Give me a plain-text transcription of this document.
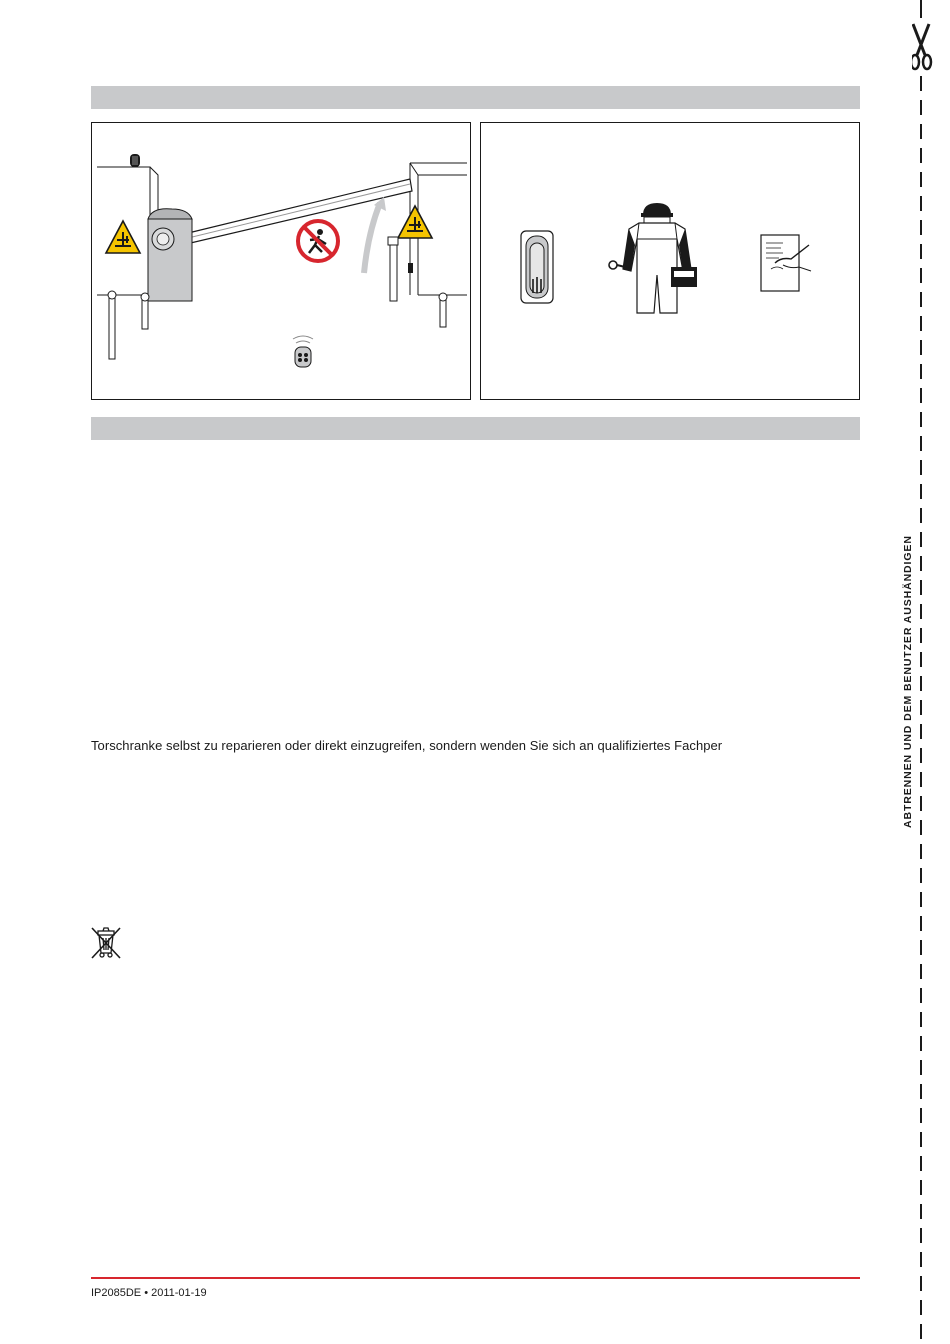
Torschranke selbst zu reparieren oder direkt einzugreifen, sondern wenden Sie sich an qualifiziertes Fachper
IP2085DE • 2011-01-19
ABTRENNEN UND DEM BENUTZER AUSHÄNDIGEN
